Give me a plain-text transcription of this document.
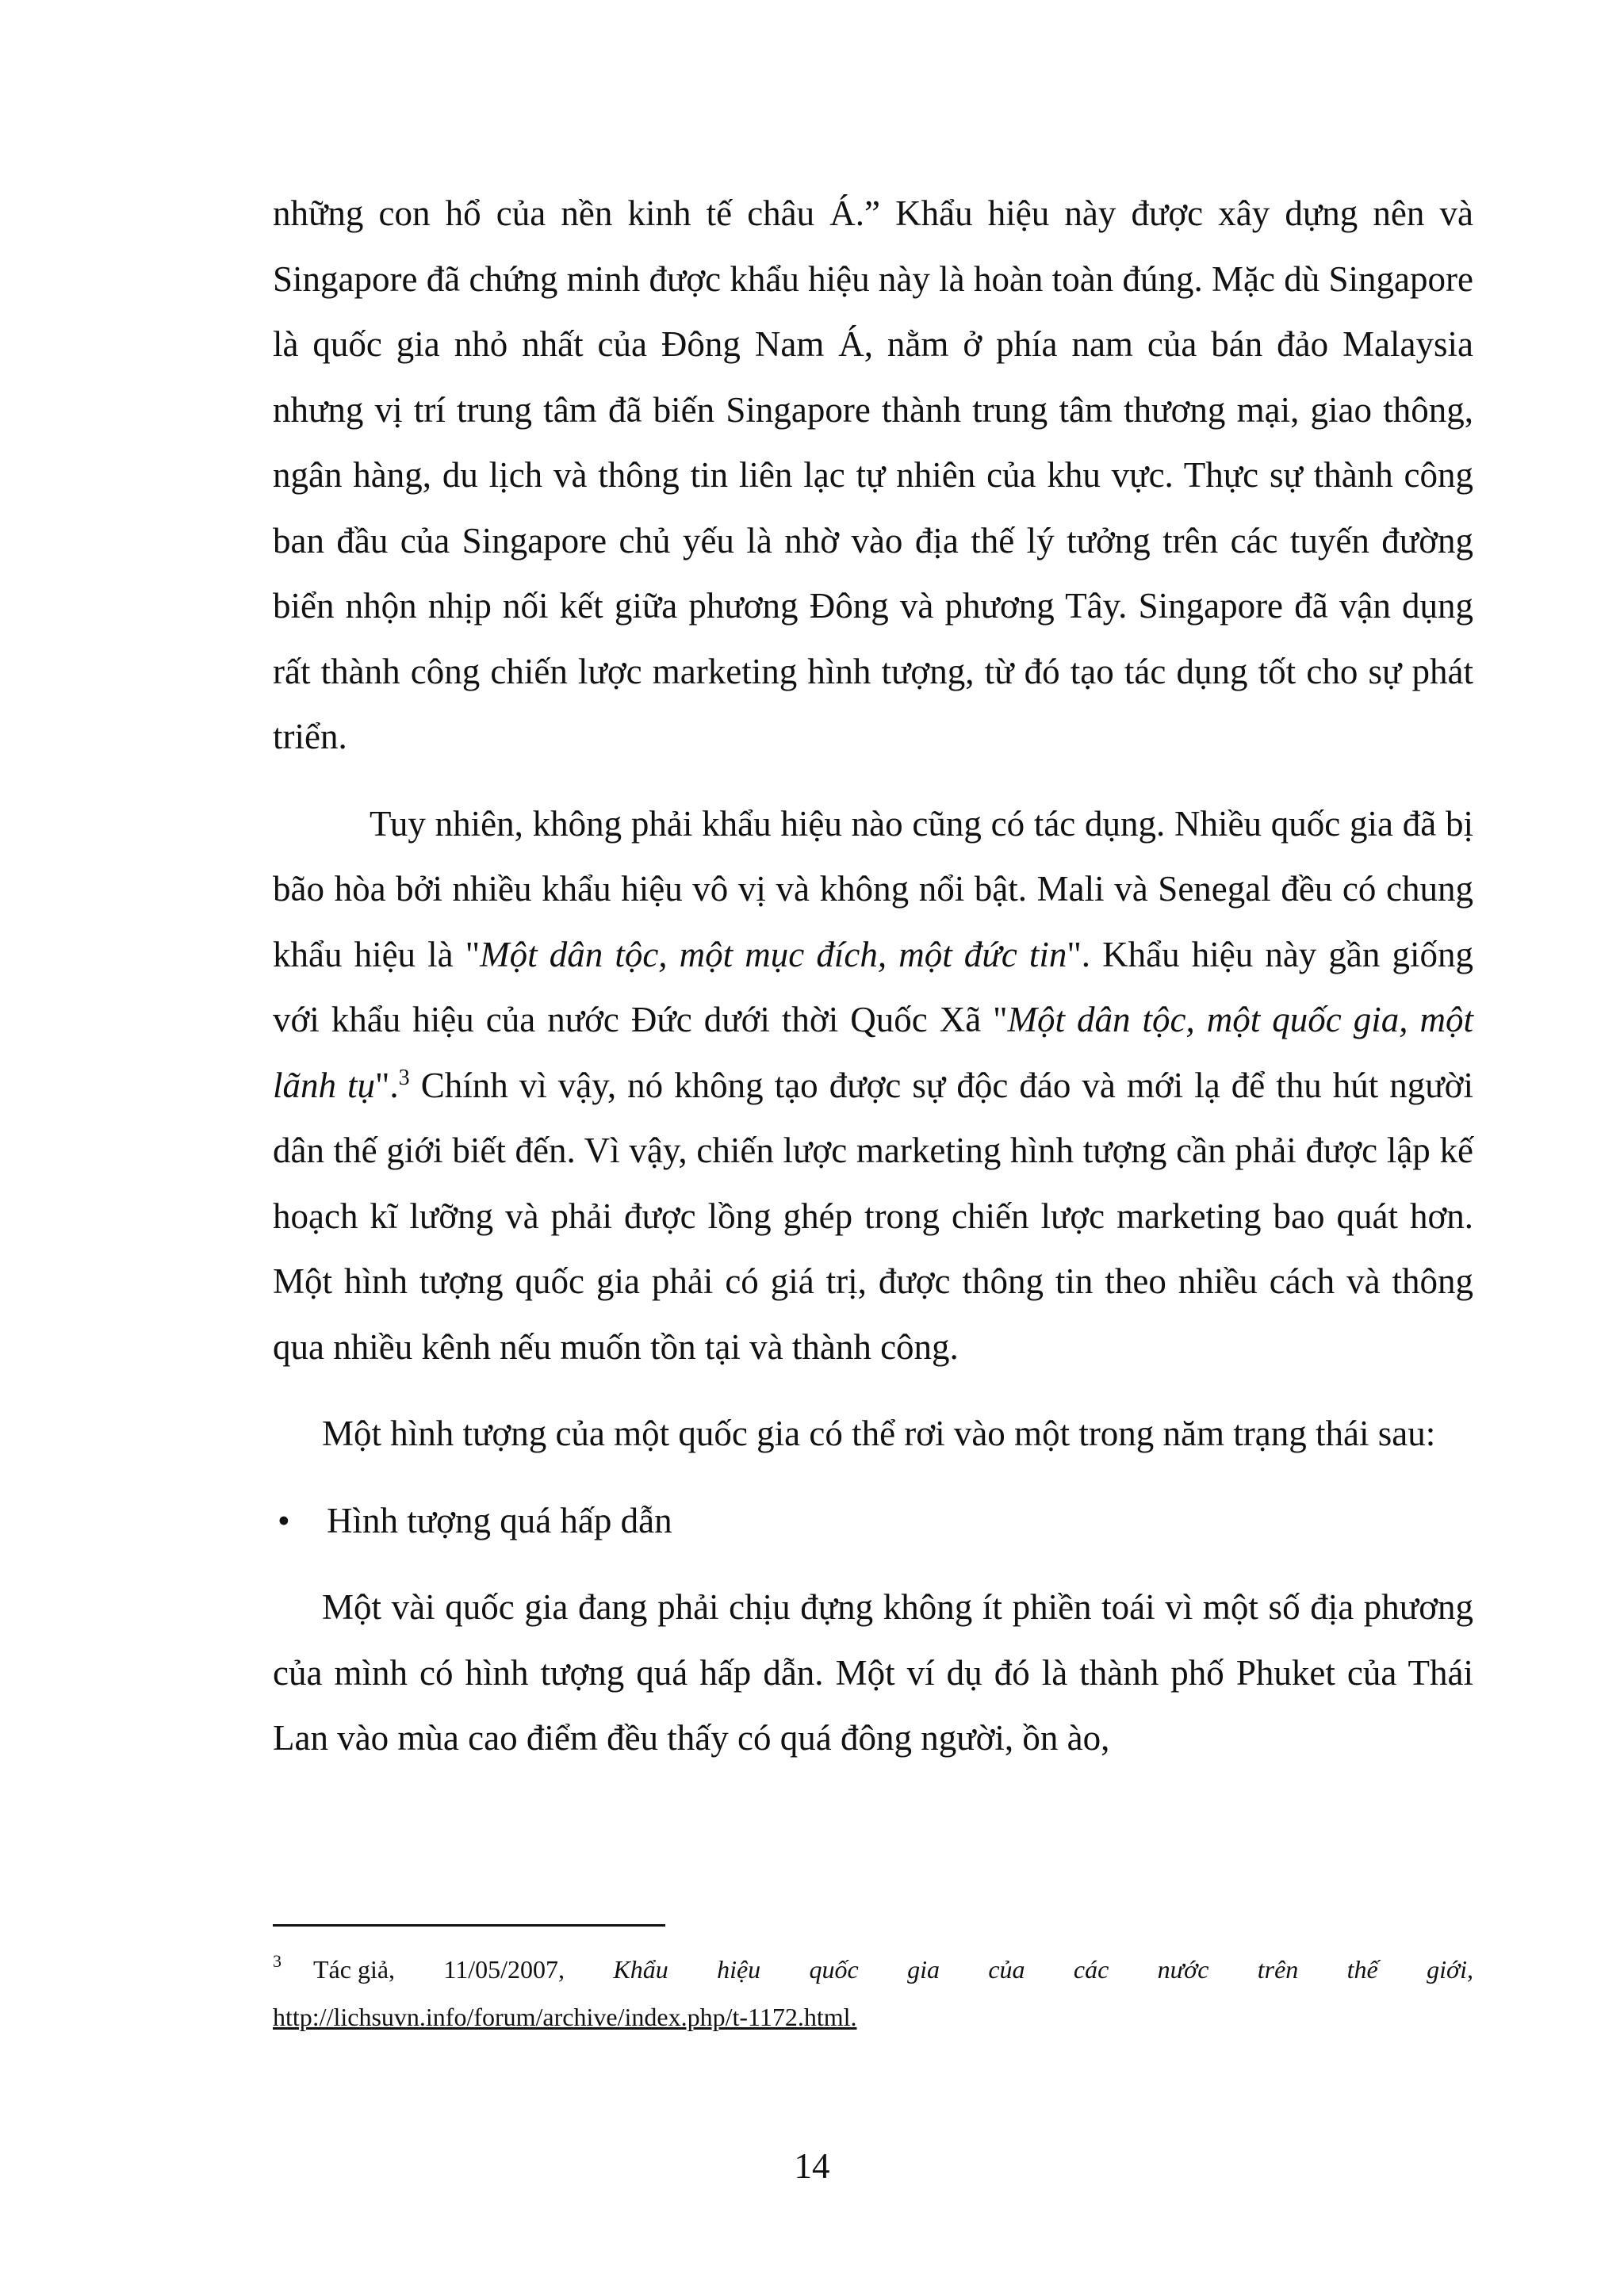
những con hổ của nền kinh tế châu Á.” Khẩu hiệu này được xây dựng nên và Singapore đã chứng minh được khẩu hiệu này là hoàn toàn đúng. Mặc dù Singapore là quốc gia nhỏ nhất của Đông Nam Á, nằm ở phía nam của bán đảo Malaysia nhưng vị trí trung tâm đã biến Singapore thành trung tâm thương mại, giao thông, ngân hàng, du lịch và thông tin liên lạc tự nhiên của khu vực. Thực sự thành công ban đầu của Singapore chủ yếu là nhờ vào địa thế lý tưởng trên các tuyến đường biển nhộn nhịp nối kết giữa phương Đông và phương Tây. Singapore đã vận dụng rất thành công chiến lược marketing hình tượng, từ đó tạo tác dụng tốt cho sự phát triển.

Tuy nhiên, không phải khẩu hiệu nào cũng có tác dụng. Nhiều quốc gia đã bị bão hòa bởi nhiều khẩu hiệu vô vị và không nổi bật. Mali và Senegal đều có chung khẩu hiệu là "Một dân tộc, một mục đích, một đức tin". Khẩu hiệu này gần giống với khẩu hiệu của nước Đức dưới thời Quốc Xã "Một dân tộc, một quốc gia, một lãnh tụ".$^3$ Chính vì vậy, nó không tạo được sự độc đáo và mới lạ để thu hút người dân thế giới biết đến. Vì vậy, chiến lược marketing hình tượng cần phải được lập kế hoạch kĩ lưỡng và phải được lồng ghép trong chiến lược marketing bao quát hơn. Một hình tượng quốc gia phải có giá trị, được thông tin theo nhiều cách và thông qua nhiều kênh nếu muốn tồn tại và thành công.

Một hình tượng của một quốc gia có thể rơi vào một trong năm trạng thái sau:

•	Hình tượng quá hấp dẫn

Một vài quốc gia đang phải chịu đựng không ít phiền toái vì một số địa phương của mình có hình tượng quá hấp dẫn. Một ví dụ đó là thành phố Phuket của Thái Lan vào mùa cao điểm đều thấy có quá đông người, ồn ào,

3 Tác giả, 11/05/2007, Khẩu hiệu quốc gia của các nước trên thế giới,
http://lichsuvn.info/forum/archive/index.php/t-1172.html.
14
